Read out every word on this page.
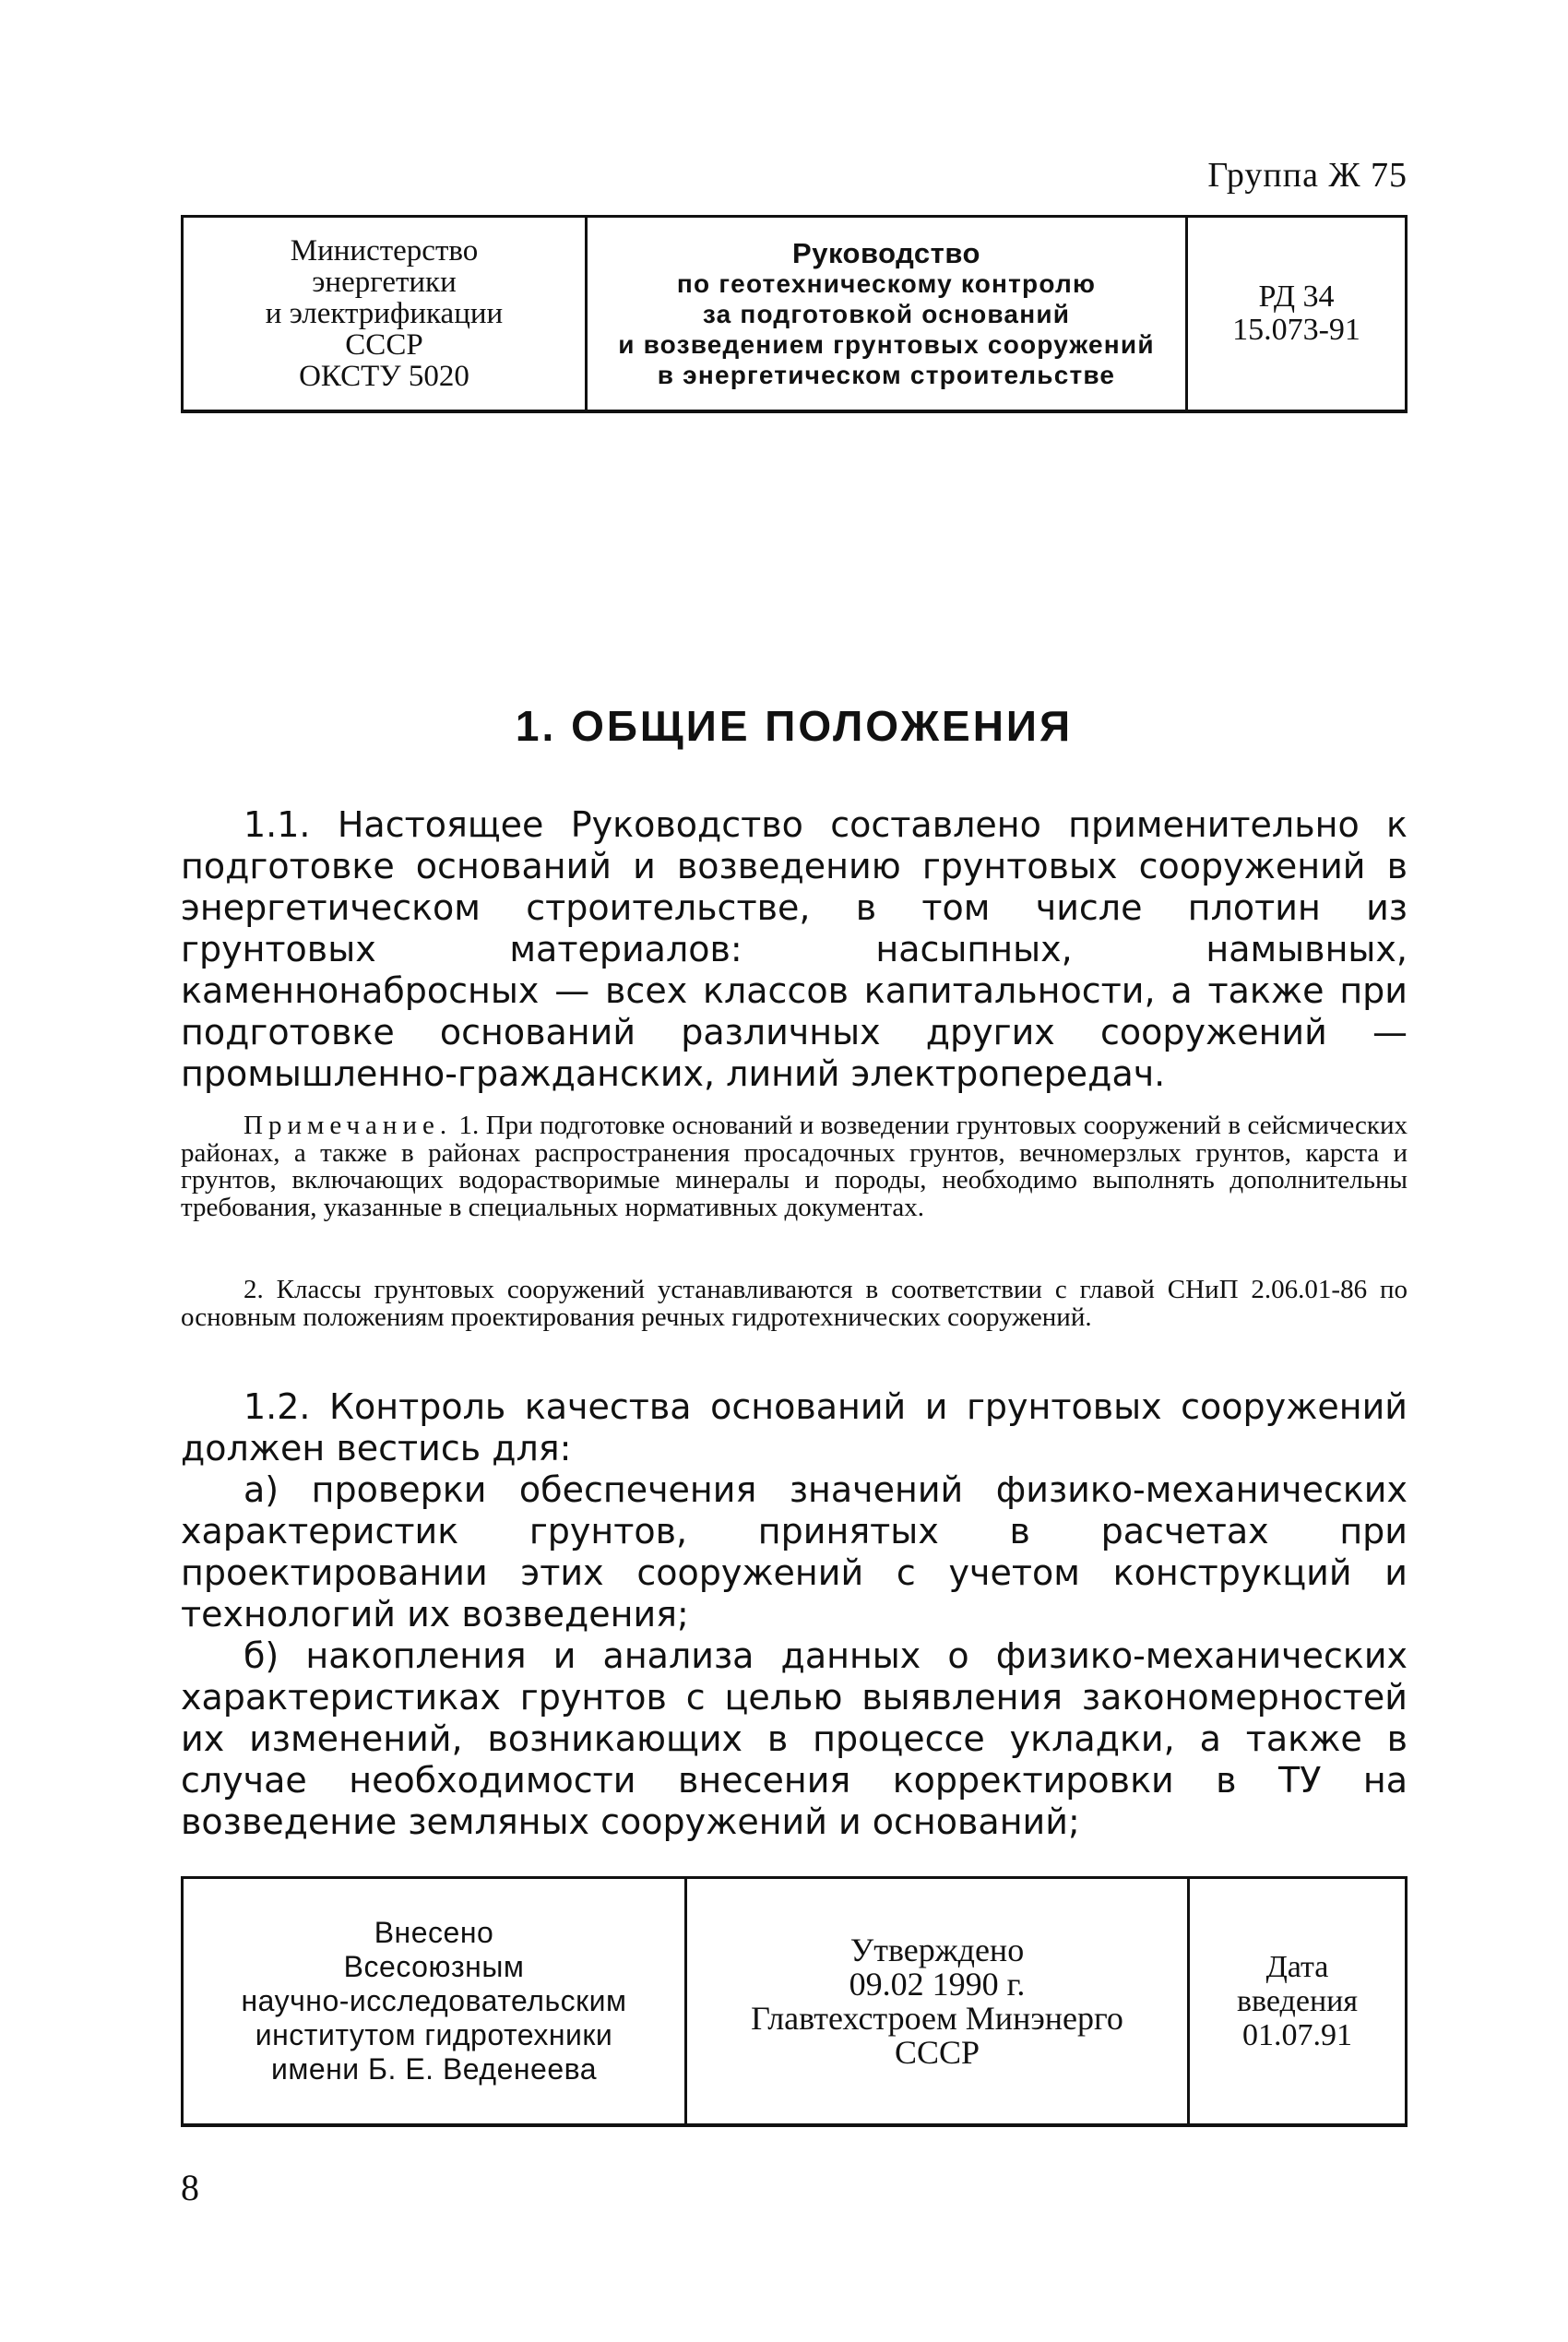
Группа Ж 75
Министерство
энергетики
и электрификации
СССР
ОКСТУ 5020
Руководство
по геотехническому контролю
за подготовкой оснований
и возведением грунтовых сооружений
в энергетическом строительстве
РД 34
15.073-91
1. ОБЩИЕ ПОЛОЖЕНИЯ

1.1. Настоящее Руководство составлено применительно к подготовке оснований и возведению грунтовых сооружений в энергетическом строительстве, в том числе плотин из грунтовых материалов: насыпных, намывных, каменнонабросных — всех классов капитальности, а также при подготовке оснований различных других сооружений — промышленно-гражданских, линий электропередач.

Примечание. 1. При подготовке оснований и возведении грунтовых сооружений в сейсмических районах, а также в районах распространения просадочных грунтов, вечномерзлых грунтов, карста и грунтов, включающих водорастворимые минералы и породы, необходимо выполнять дополнительны требования, указанные в специальных нормативных документах.

2. Классы грунтовых сооружений устанавливаются в соответствии с главой СНиП 2.06.01-86 по основным положениям проектирования речных гидротехнических сооружений.

1.2. Контроль качества оснований и грунтовых сооружений должен вестись для:

а) проверки обеспечения значений физико-механических характеристик грунтов, принятых в расчетах при проектировании этих сооружений с учетом конструкций и технологий их возведения;

б) накопления и анализа данных о физико-механических характеристиках грунтов с целью выявления закономерностей их изменений, возникающих в процессе укладки, а также в случае необходимости внесения корректировки в ТУ на возведение земляных сооружений и оснований;

Внесено
Всесоюзным
научно-исследовательским
институтом гидротехники
имени Б. Е. Веденеева
Утверждено
09.02 1990 г.
Главтехстроем Минэнерго
СССР
Дата
введения
01.07.91
8
